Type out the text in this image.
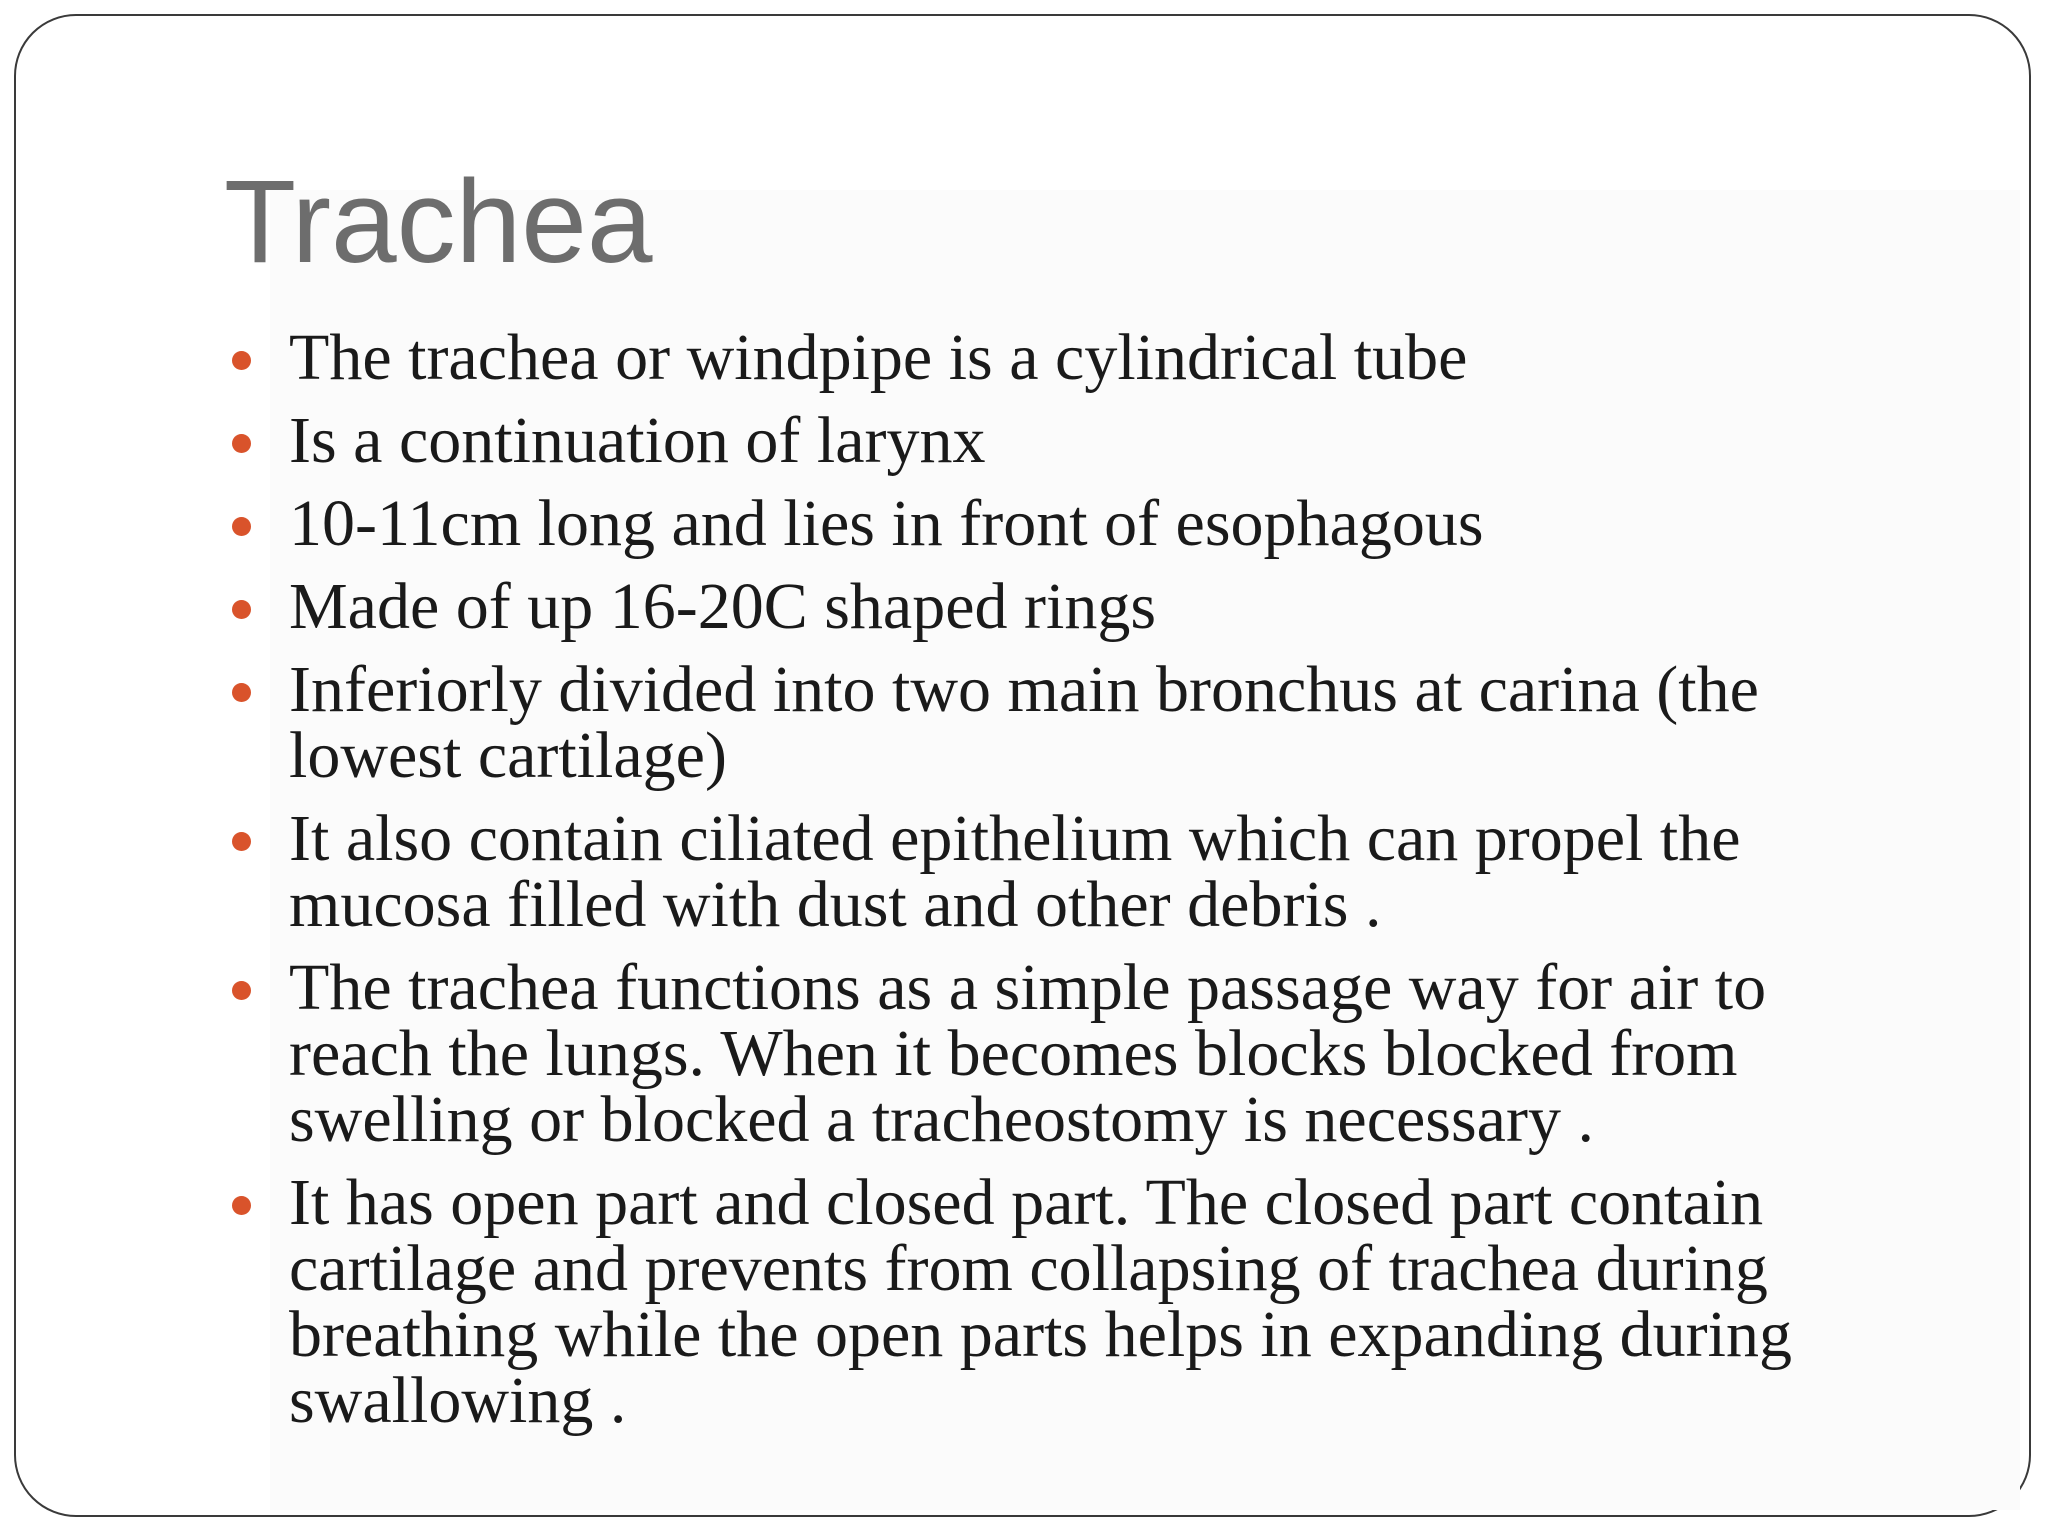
Trachea
The trachea or windpipe is a cylindrical tube
Is a continuation of larynx
10-11cm long and lies in front of esophagous
Made of up 16-20C shaped rings
Inferiorly divided into two main bronchus at carina (the lowest cartilage)
It also contain ciliated epithelium which can propel the mucosa filled with dust and other debris .
The trachea functions as a simple passage way for air to reach the lungs. When it becomes blocks blocked from swelling or blocked a tracheostomy is necessary .
It has open part and closed part. The closed part contain cartilage and prevents from collapsing of trachea during breathing while the open parts helps in expanding during swallowing .
